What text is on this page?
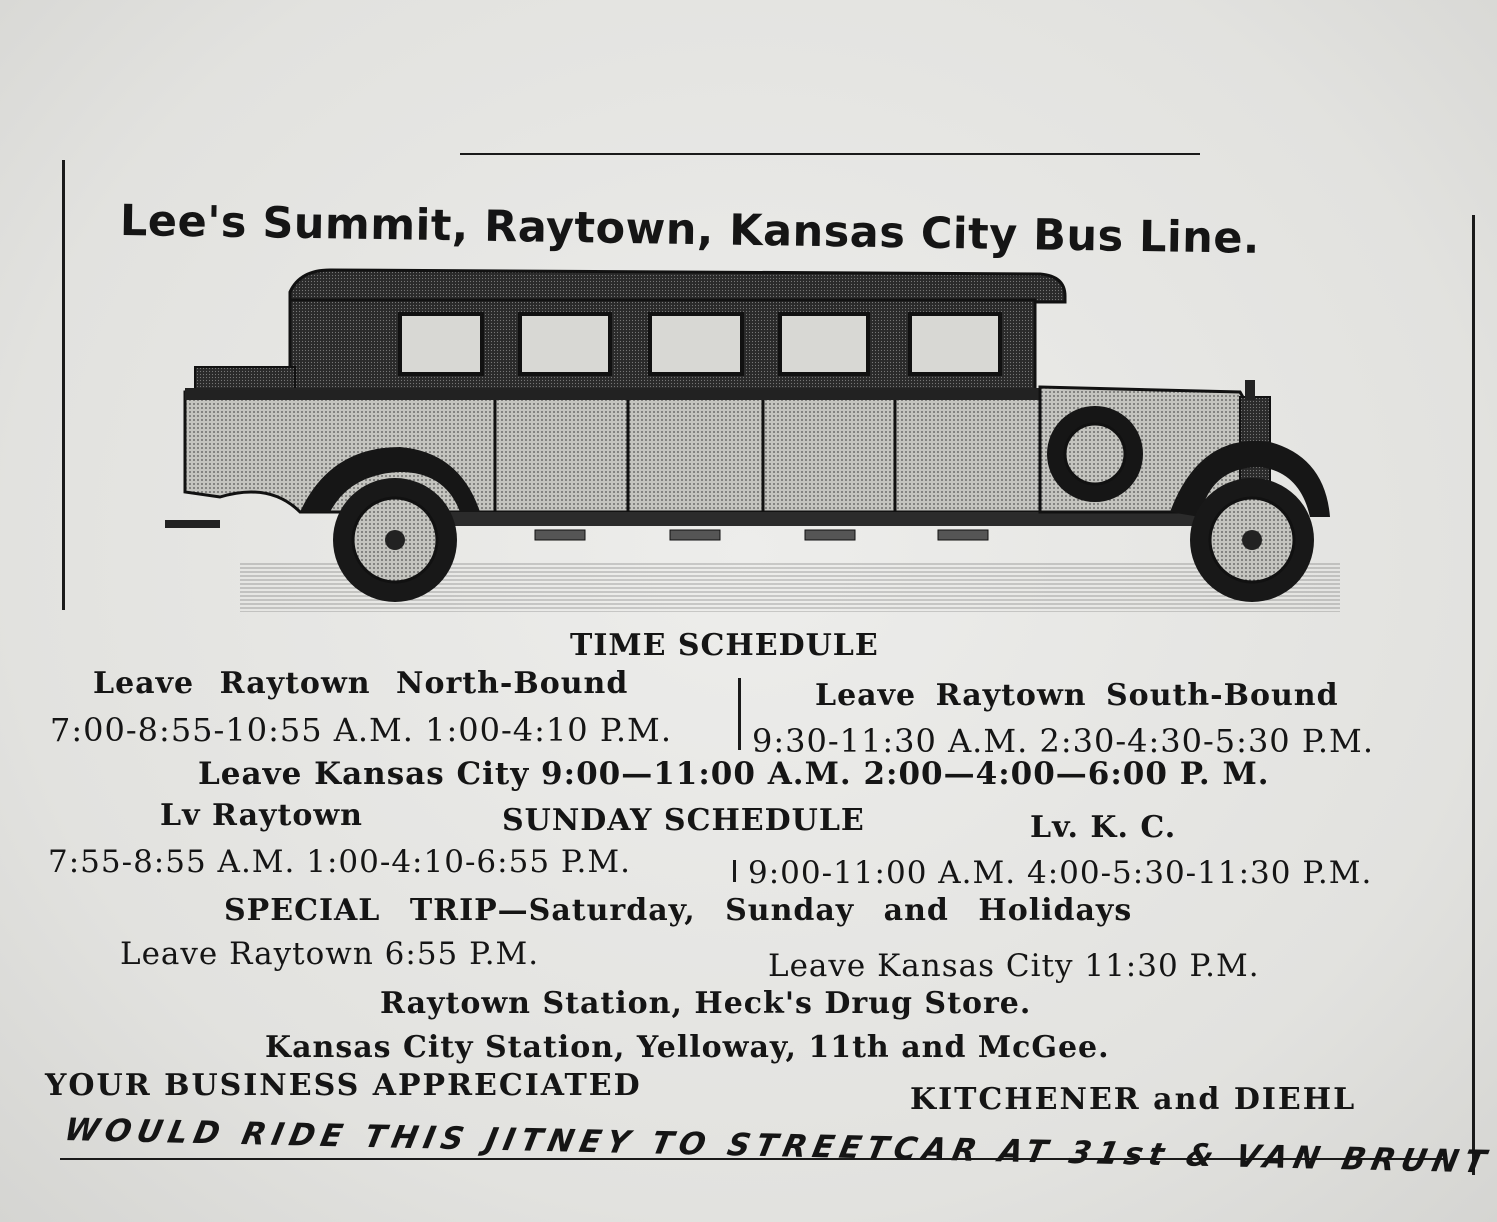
Lee's Summit, Raytown, Kansas City Bus Line.
TIME SCHEDULE
Leave Raytown North-Bound
7:00-8:55-10:55 A.M. 1:00-4:10 P.M.
Leave Raytown South-Bound
9:30-11:30 A.M. 2:30-4:30-5:30 P.M.
Leave Kansas City 9:00—11:00 A.M. 2:00—4:00—6:00 P. M.
Lv Raytown	SUNDAY SCHEDULE	Lv. K. C.
7:55-8:55 A.M. 1:00-4:10-6:55 P.M.	9:00-11:00 A.M. 4:00-5:30-11:30 P.M.
SPECIAL TRIP—Saturday, Sunday and Holidays
Leave Raytown 6:55 P.M.	Leave Kansas City 11:30 P.M.
Raytown Station, Heck's Drug Store.
Kansas City Station, Yelloway, 11th and McGee.
YOUR BUSINESS APPRECIATED	KITCHENER and DIEHL
WOULD RIDE THIS JITNEY TO STREETCAR AT 31st & VAN BRUNT
